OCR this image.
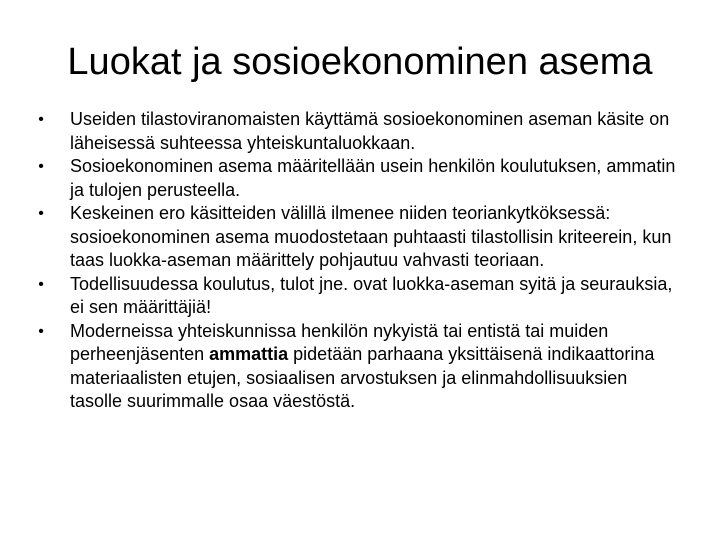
Luokat ja sosioekonominen asema
• Useiden tilastoviranomaisten käyttämä sosioekonominen aseman käsite on läheisessä suhteessa yhteiskuntaluokkaan.
• Sosioekonominen asema määritellään usein henkilön koulutuksen, ammatin ja tulojen perusteella.
• Keskeinen ero käsitteiden välillä ilmenee niiden teoriankytköksessä: sosioekonominen asema muodostetaan puhtaasti tilastollisin kriteerein, kun taas luokka-aseman määrittely pohjautuu vahvasti teoriaan.
• Todellisuudessa koulutus, tulot jne. ovat luokka-aseman syitä ja seurauksia, ei sen määrittäjiä!
• Moderneissa yhteiskunnissa henkilön nykyistä tai entistä tai muiden perheenjäsenten ammattia pidetään parhaana yksittäisenä indikaattorina materiaalisten etujen, sosiaalisen arvostuksen ja elinmahdollisuuksien tasolle suurimmalle osaa väestöstä.
